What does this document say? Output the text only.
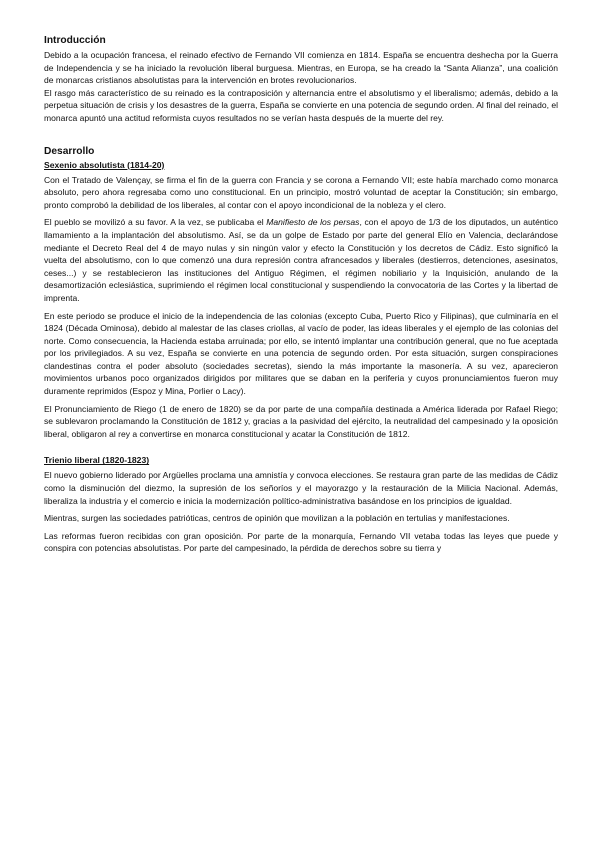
Introducción

Debido a la ocupación francesa, el reinado efectivo de Fernando VII comienza en 1814. España se encuentra deshecha por la Guerra de Independencia y se ha iniciado la revolución liberal burguesa. Mientras, en Europa, se ha creado la “Santa Alianza”, una coalición de monarcas cristianos absolutistas para la intervención en brotes revolucionarios.

El rasgo más característico de su reinado es la contraposición y alternancia entre el absolutismo y el liberalismo; además, debido a la perpetua situación de crisis y los desastres de la guerra, España se convierte en una potencia de segundo orden. Al final del reinado, el monarca apuntó una actitud reformista cuyos resultados no se verían hasta después de la muerte del rey.

Desarrollo
Sexenio absolutista (1814-20)

Con el Tratado de Valençay, se firma el fin de la guerra con Francia y se corona a Fernando VII; este había marchado como monarca absoluto, pero ahora regresaba como uno constitucional. En un principio, mostró voluntad de aceptar la Constitución; sin embargo, pronto comprobó la debilidad de los liberales, al contar con el apoyo incondicional de la nobleza y el clero.

El pueblo se movilizó a su favor. A la vez, se publicaba el Manifiesto de los persas, con el apoyo de 1/3 de los diputados, un auténtico llamamiento a la implantación del absolutismo. Así, se da un golpe de Estado por parte del general Elío en Valencia, declarándose mediante el Decreto Real del 4 de mayo nulas y sin ningún valor y efecto la Constitución y los decretos de Cádiz. Esto significó la vuelta del absolutismo, con lo que comenzó una dura represión contra afrancesados y liberales (destierros, detenciones, asesinatos, ceses...) y se restablecieron las instituciones del Antiguo Régimen, el régimen nobiliario y la Inquisición, anulando de la desamortización eclesiástica, suprimiendo el régimen local constitucional y suspendiendo la convocatoria de las Cortes y la libertad de imprenta.

En este periodo se produce el inicio de la independencia de las colonias (excepto Cuba, Puerto Rico y Filipinas), que culminaría en el 1824 (Década Ominosa), debido al malestar de las clases criollas, al vacío de poder, las ideas liberales y el ejemplo de las colonias del norte. Como consecuencia, la Hacienda estaba arruinada; por ello, se intentó implantar una contribución general, que no fue aceptada por los privilegiados. A su vez, España se convierte en una potencia de segundo orden. Por esta situación, surgen conspiraciones clandestinas contra el poder absoluto (sociedades secretas), siendo la más importante la masonería. A su vez, aparecieron movimientos urbanos poco organizados dirigidos por militares que se daban en la periferia y cuyos pronunciamientos fueron muy duramente reprimidos (Espoz y Mina, Porlier o Lacy).

El Pronunciamiento de Riego (1 de enero de 1820) se da por parte de una compañía destinada a América liderada por Rafael Riego; se sublevaron proclamando la Constitución de 1812 y, gracias a la pasividad del ejército, la neutralidad del campesinado y la oposición liberal, obligaron al rey a convertirse en monarca constitucional y acatar la Constitución de 1812.

Trienio liberal (1820-1823)

El nuevo gobierno liderado por Argüelles proclama una amnistía y convoca elecciones. Se restaura gran parte de las medidas de Cádiz como la disminución del diezmo, la supresión de los señoríos y el mayorazgo y la restauración de la Milicia Nacional. Además, liberaliza la industria y el comercio e inicia la modernización político-administrativa basándose en los principios de igualdad.

Mientras, surgen las sociedades patrióticas, centros de opinión que movilizan a la población en tertulias y manifestaciones.

Las reformas fueron recibidas con gran oposición. Por parte de la monarquía, Fernando VII vetaba todas las leyes que puede y conspira con potencias absolutistas. Por parte del campesinado, la pérdida de derechos sobre su tierra y
